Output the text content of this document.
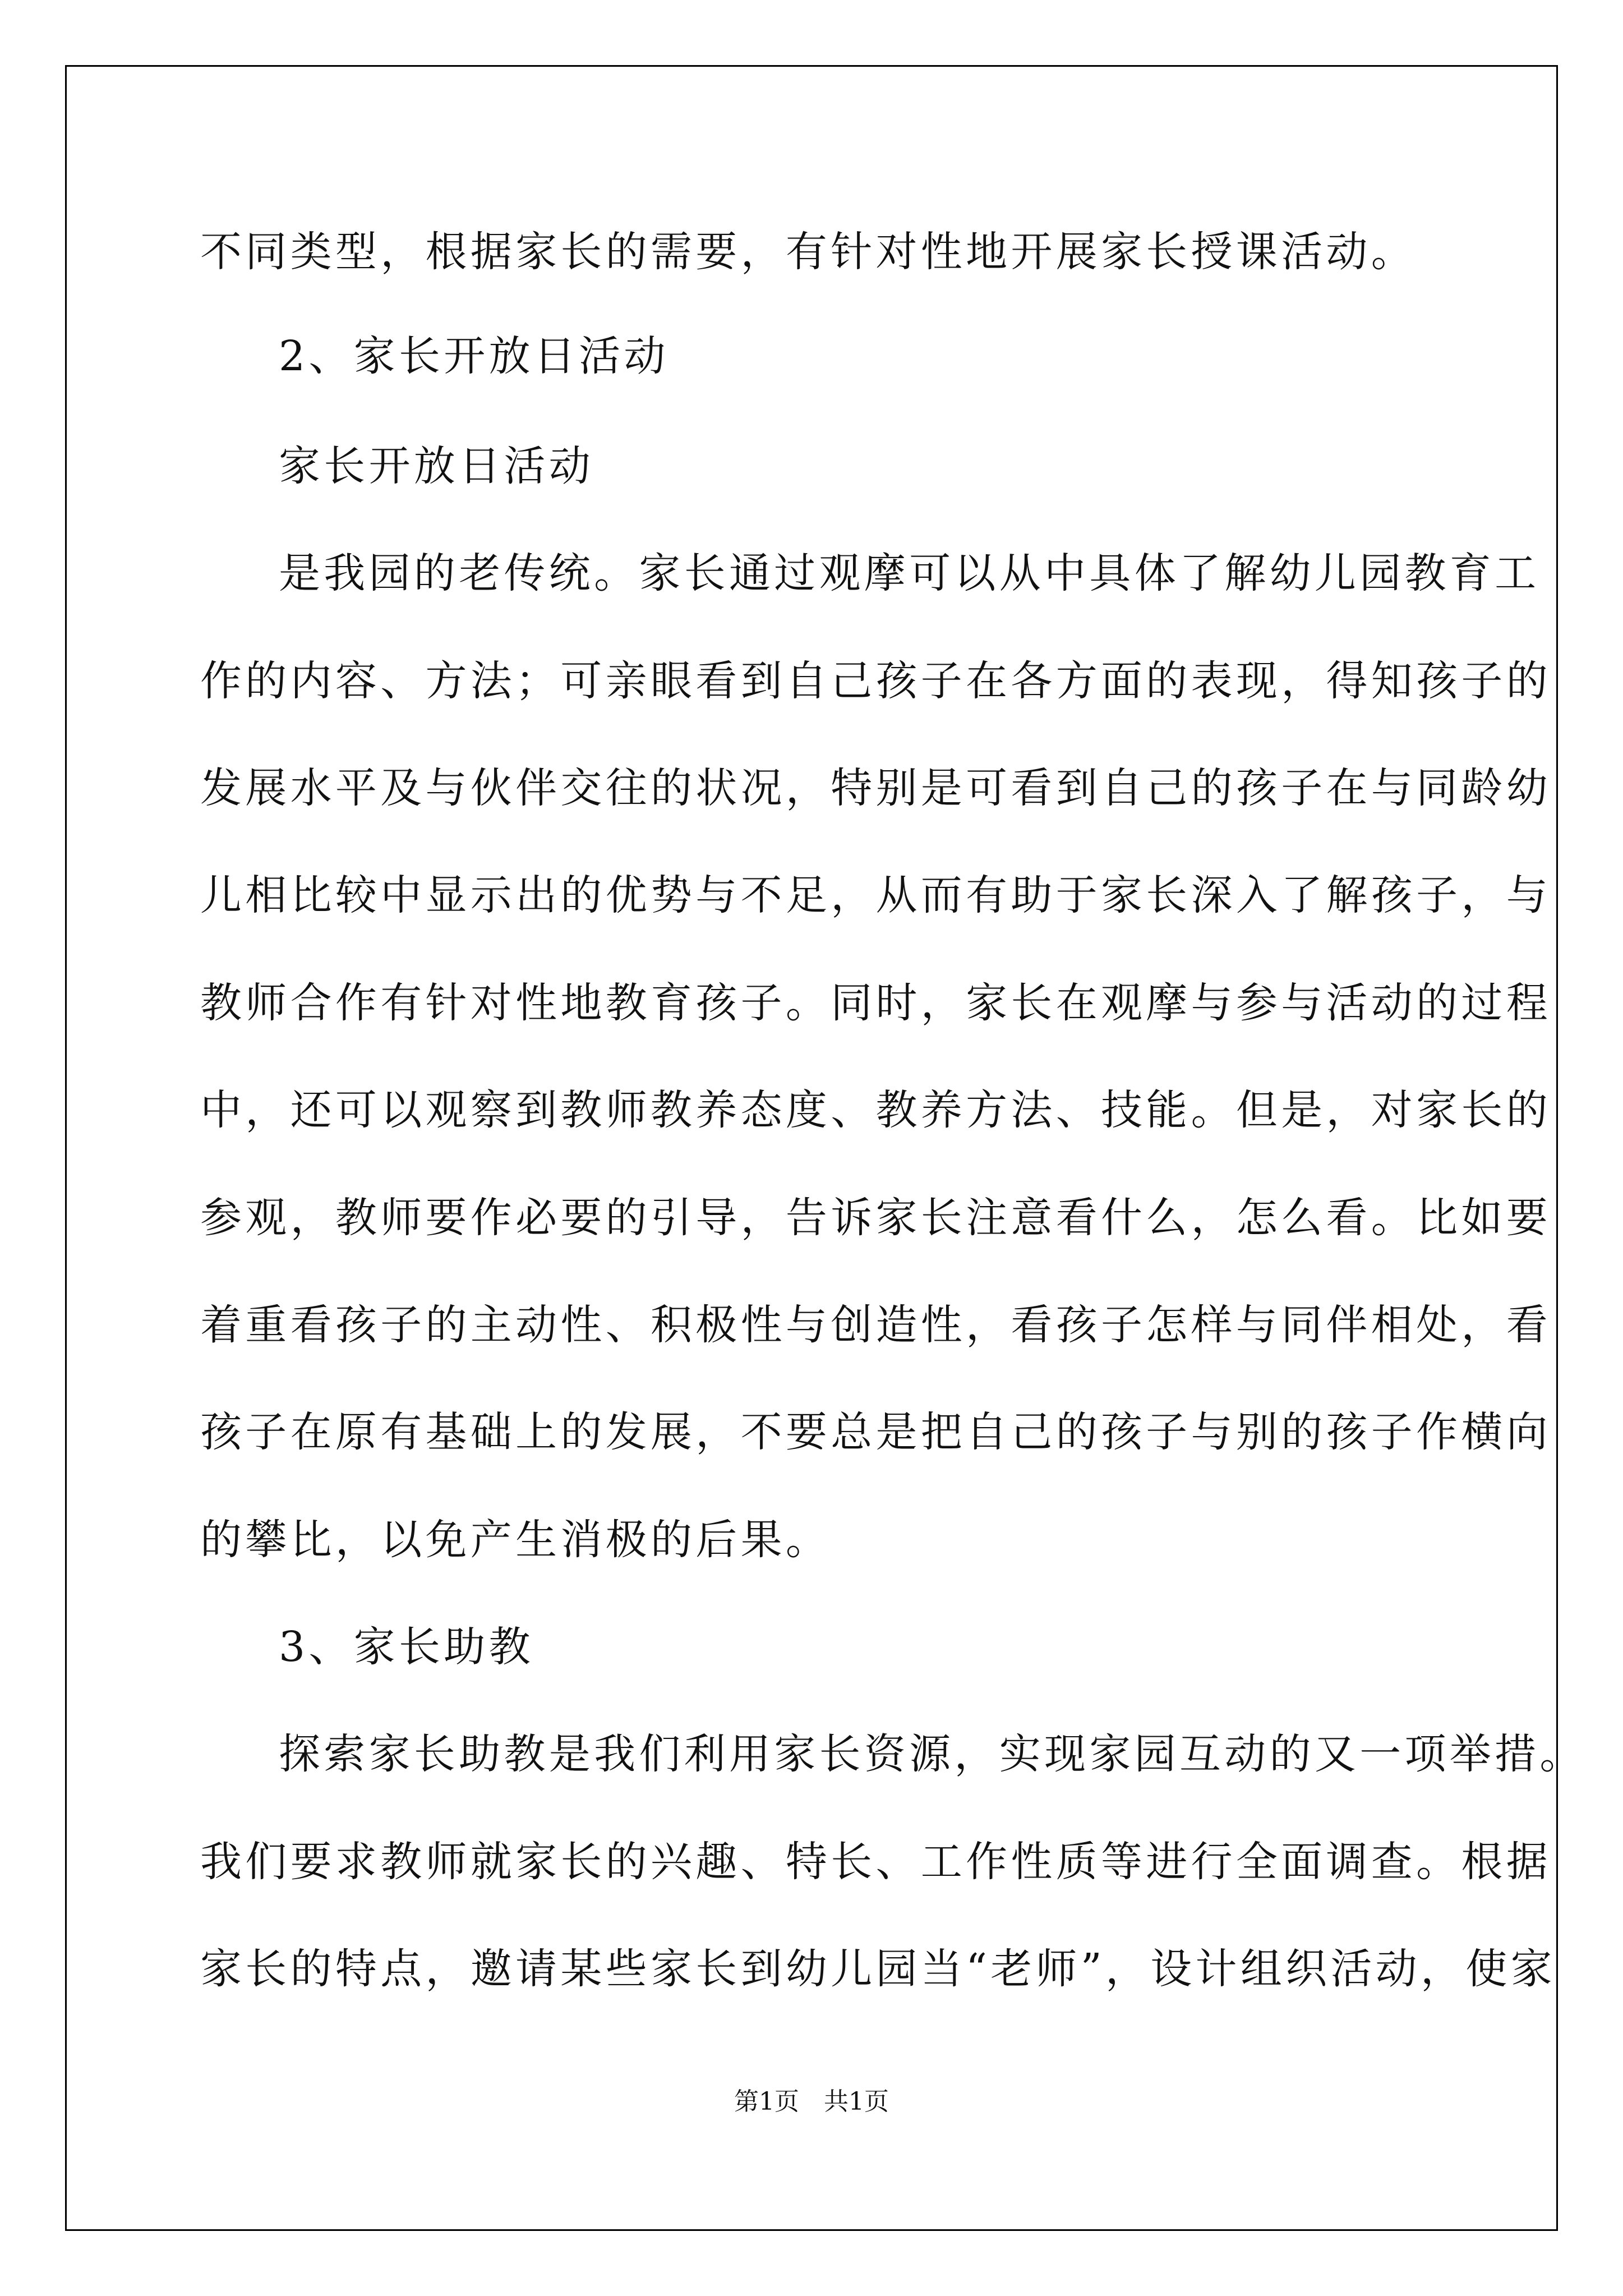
不同类型，根据家长的需要，有针对性地开展家长授课活动。
2、家长开放日活动
家长开放日活动
是我园的老传统。家长通过观摩可以从中具体了解幼儿园教育工
作的内容、方法；可亲眼看到自己孩子在各方面的表现，得知孩子的
发展水平及与伙伴交往的状况，特别是可看到自己的孩子在与同龄幼
儿相比较中显示出的优势与不足，从而有助于家长深入了解孩子，与
教师合作有针对性地教育孩子。同时，家长在观摩与参与活动的过程
中，还可以观察到教师教养态度、教养方法、技能。但是，对家长的
参观，教师要作必要的引导，告诉家长注意看什么，怎么看。比如要
着重看孩子的主动性、积极性与创造性，看孩子怎样与同伴相处，看
孩子在原有基础上的发展，不要总是把自己的孩子与别的孩子作横向
的攀比，以免产生消极的后果。
3、家长助教
探索家长助教是我们利用家长资源，实现家园互动的又一项举措。
我们要求教师就家长的兴趣、特长、工作性质等进行全面调查。根据
家长的特点，邀请某些家长到幼儿园当“老师”，设计组织活动，使家
第1页　共1页
